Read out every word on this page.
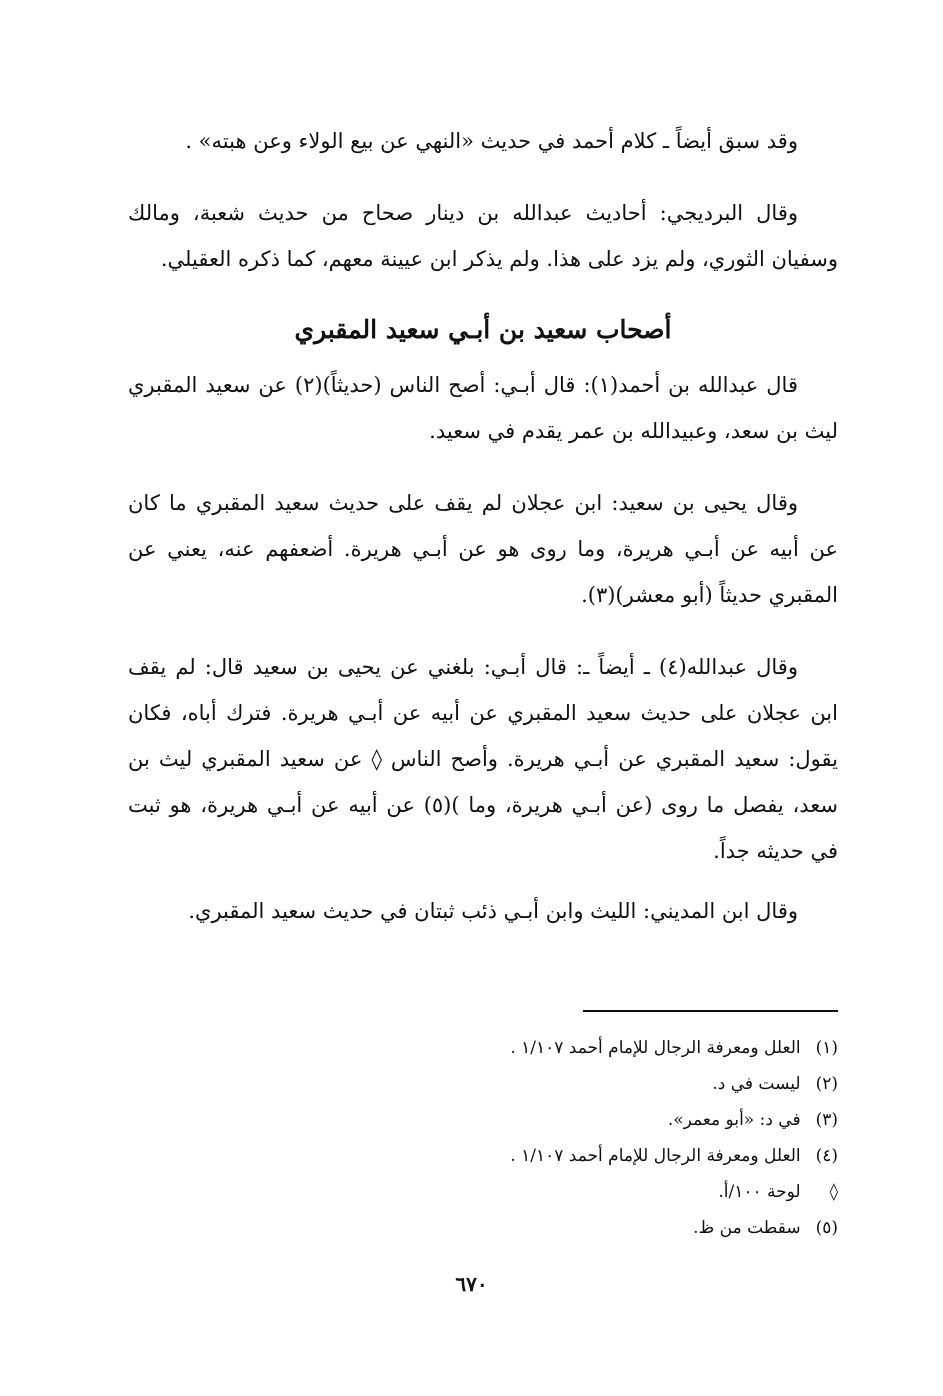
وقد سبق أيضاً ـ كلام أحمد في حديث «النهي عن بيع الولاء وعن هبته» .

وقال البرديجي: أحاديث عبدالله بن دينار صحاح من حديث شعبة، ومالك وسفيان الثوري، ولم يزد على هذا. ولم يذكر ابن عيينة معهم، كما ذكره العقيلي.

أصحاب سعيد بن أبـي سعيد المقبري

قال عبدالله بن أحمد(١): قال أبـي: أصح الناس (حديثاً)(٢) عن سعيد المقبري ليث بن سعد، وعبيدالله بن عمر يقدم في سعيد.

وقال يحيى بن سعيد: ابن عجلان لم يقف على حديث سعيد المقبري ما كان عن أبيه عن أبـي هريرة، وما روى هو عن أبـي هريرة. أضعفهم عنه، يعني عن المقبري حديثاً (أبو معشر)(٣).

وقال عبدالله(٤) ـ أيضاً ـ: قال أبـي: بلغني عن يحيى بن سعيد قال: لم يقف ابن عجلان على حديث سعيد المقبري عن أبيه عن أبـي هريرة. فترك أباه، فكان يقول: سعيد المقبري عن أبـي هريرة. وأصح الناس ◊ عن سعيد المقبري ليث بن سعد، يفصل ما روى (عن أبـي هريرة، وما )(٥) عن أبيه عن أبـي هريرة، هو ثبت في حديثه جداً.

وقال ابن المديني: الليث وابن أبـي ذئب ثبتان في حديث سعيد المقبري.

(١) العلل ومعرفة الرجال للإمام أحمد ١/١٠٧ .
(٢) ليست في د.
(٣) في د: «أبو معمر».
(٤) العلل ومعرفة الرجال للإمام أحمد ١/١٠٧ .
◊ لوحة ١٠٠/أ.
(٥) سقطت من ظ.
٦٧٠
